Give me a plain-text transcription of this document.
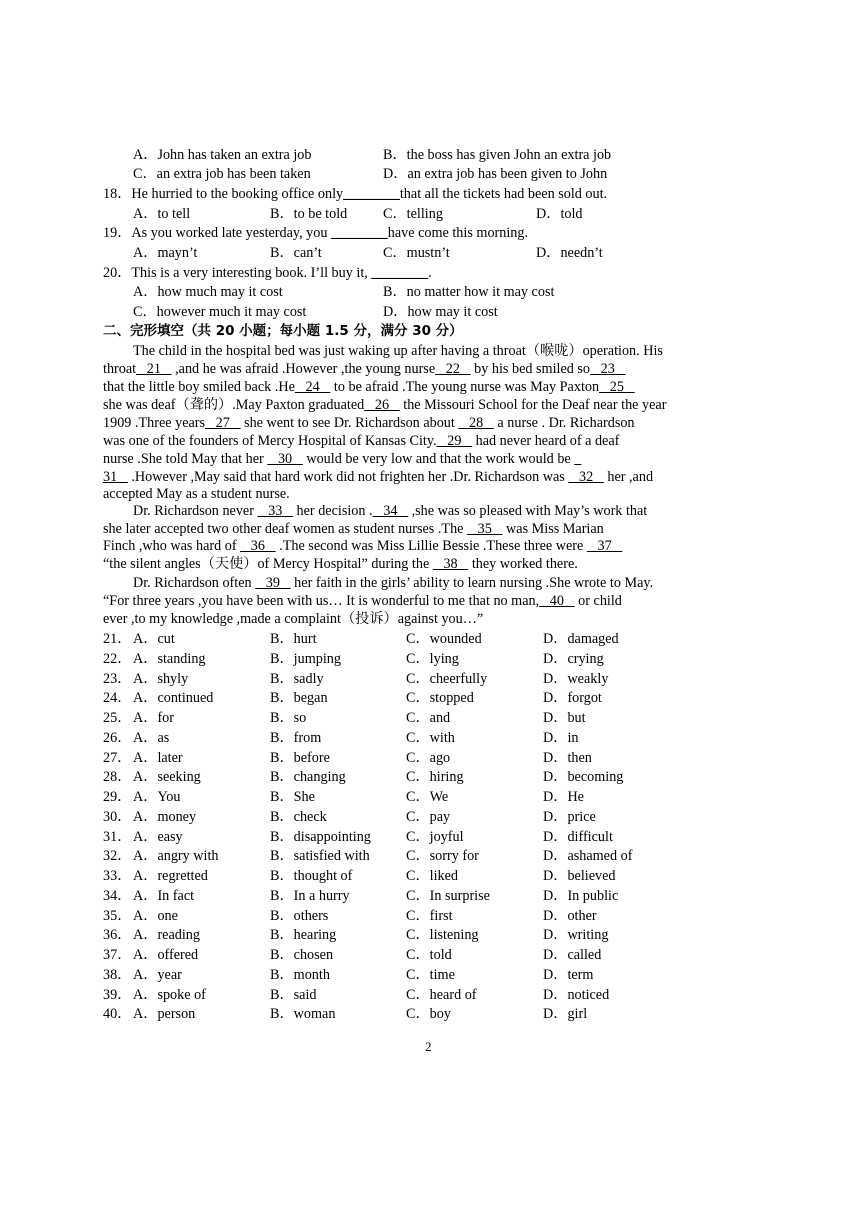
A．John has taken an extra job	B．the boss has given John an extra job
C．an extra job has been taken	D．an extra job has been given to John
18．He hurried to the booking office only________that all the tickets had been sold out.
A．to tell	B．to be told	C．telling	D．told
19．As you worked late yesterday, you ________have come this morning.
A．mayn’t	B．can’t	C．mustn’t	D．needn’t
20．This is a very interesting book. I’ll buy it, ________.
A．how much may it cost	B．no matter how it may cost
C．however much it may cost	D．how may it cost
二、完形填空（共 20 小题；每小题 1.5 分，满分 30 分）
The child in the hospital bed was just waking up after having a throat（喉咙）operation. His
throat   21    ,and he was afraid .However ,the young nurse   22    by his bed smiled so   23
that the little boy smiled back .He   24    to be afraid .The young nurse was May Paxton   25
she was deaf（聋的）.May Paxton graduated   26    the Missouri School for the Deaf near the year
1909 .Three years   27    she went to see Dr. Richardson about    28    a nurse . Dr. Richardson
was one of the founders of Mercy Hospital of Kansas City.   29    had never heard of a deaf
nurse .She told May that her    30    would be very low and that the work would be
31    .However ,May said that hard work did not frighten her .Dr. Richardson was    32    her ,and
accepted May as a student nurse.
Dr. Richardson never    33    her decision .   34    ,she was so pleased with May’s work that
she later accepted two other deaf women as student nurses .The    35    was Miss Marian
Finch ,who was hard of    36    .The second was Miss Lillie Bessie .These three were    37
“the silent angles（天使）of Mercy Hospital” during the    38    they worked there.
Dr. Richardson often    39    her faith in the girls’ ability to learn nursing .She wrote to May.
“For three years ,you have been with us… It is wonderful to me that no man,   40    or child
ever ,to my knowledge ,made a complaint（投诉）against you…”
21． A．cut	B．hurt	C．wounded	D．damaged
22． A．standing	B．jumping	C．lying	D．crying
23． A．shyly	B．sadly	C．cheerfully	D．weakly
24． A．continued	B．began	C．stopped	D．forgot
25． A．for	B．so	C．and	D．but
26． A．as	B．from	C．with	D．in
27． A．later	B．before	C．ago	D．then
28． A．seeking	B．changing	C．hiring	D．becoming
29． A．You	B．She	C．We	D．He
30． A．money	B．check	C．pay	D．price
31． A．easy	B．disappointing C．joyful	D．difficult
32． A．angry with	B．satisfied with	C．sorry for	D．ashamed of
33． A．regretted	B．thought of	C．liked	D．believed
34． A．In fact	B．In a hurry	C．In surprise	D．In public
35． A．one	B．others	C．first	D．other
36． A．reading	B．hearing	C．listening	D．writing
37． A．offered	B．chosen	C．told	D．called
38． A．year	B．month	C．time	D．term
39． A．spoke of	B．said	C．heard of	D．noticed
40． A．person	B．woman	C．boy	D．girl
2
